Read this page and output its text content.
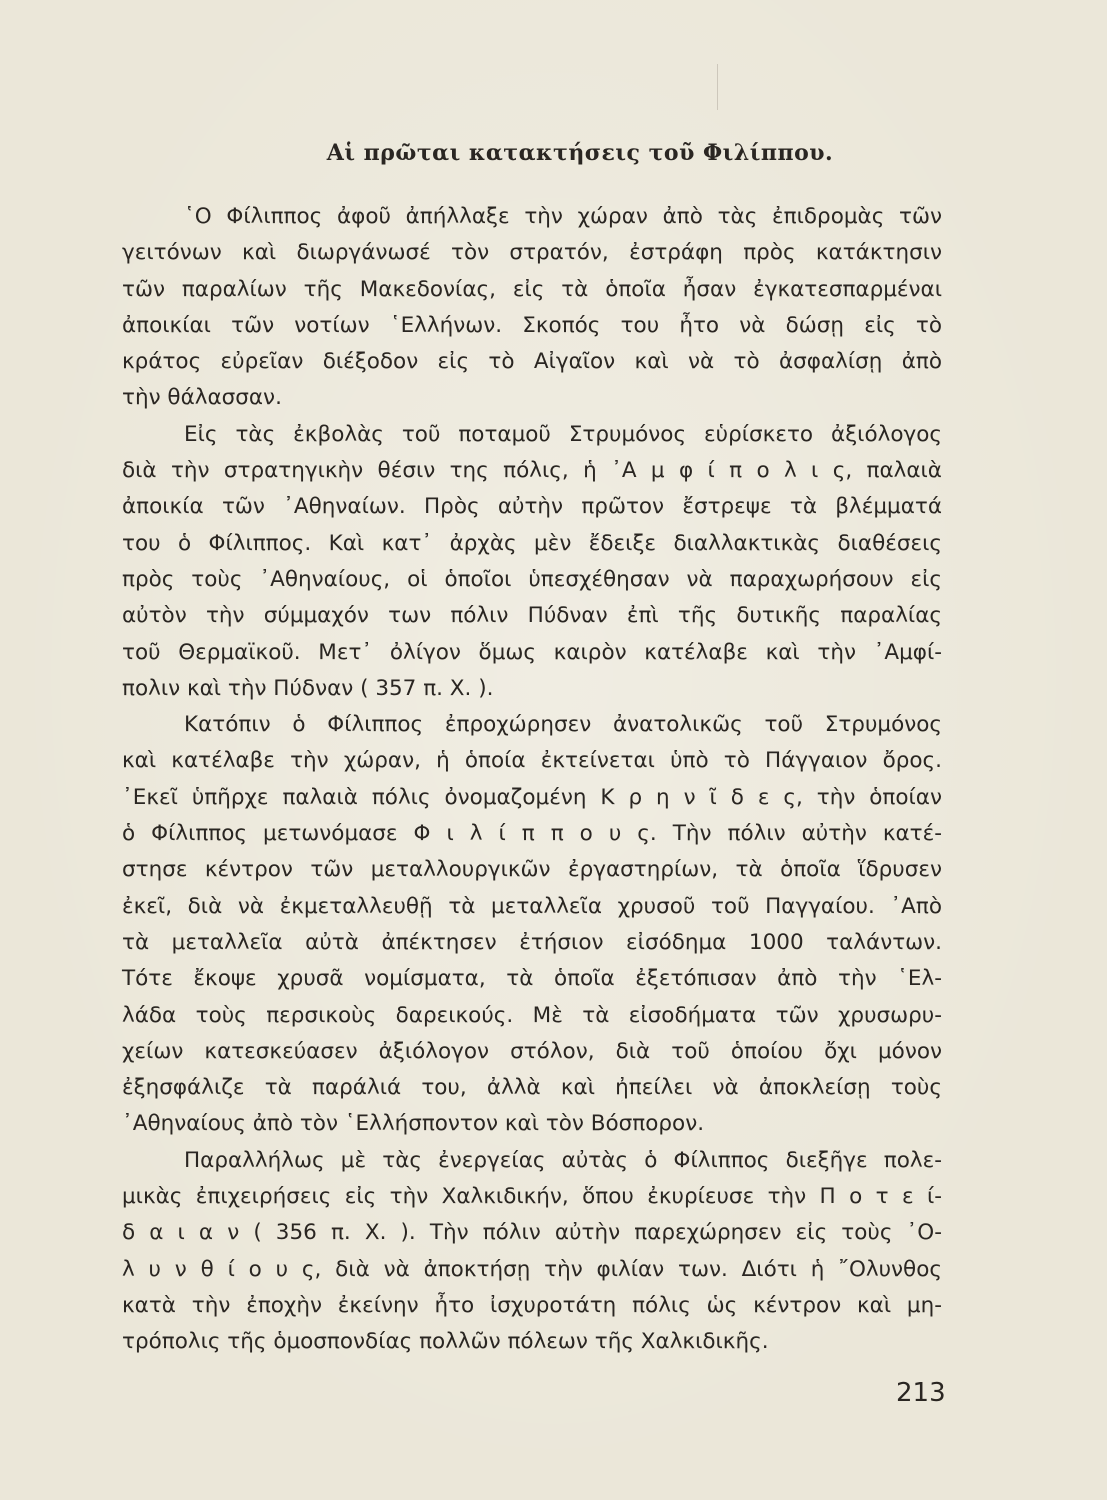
Αἱ πρῶται κατακτήσεις τοῦ Φιλίππου.
῾Ο Φίλιππος ἀφοῦ ἀπήλλαξε τὴν χώραν ἀπὸ τὰς ἐπιδρομὰς τῶν
γειτόνων καὶ διωργάνωσέ τὸν στρατόν, ἐστράφη πρὸς κατάκτησιν
τῶν παραλίων τῆς Μακεδονίας, εἰς τὰ ὁποῖα ἦσαν ἐγκατεσπαρμέναι
ἀποικίαι τῶν νοτίων ῾Ελλήνων. Σκοπός του ἦτο νὰ δώσῃ εἰς τὸ
κράτος εὐρεῖαν διέξοδον εἰς τὸ Αἰγαῖον καὶ νὰ τὸ ἀσφαλίσῃ ἀπὸ
τὴν θάλασσαν.
Εἰς τὰς ἐκβολὰς τοῦ ποταμοῦ Στρυμόνος εὑρίσκετο ἀξιόλογος
διὰ τὴν στρατηγικὴν θέσιν της πόλις, ἡ ᾿Α μ φ ί π ο λ ι ς, παλαιὰ
ἀποικία τῶν ᾿Αθηναίων. Πρὸς αὐτὴν πρῶτον ἔστρεψε τὰ βλέμματά
του ὁ Φίλιππος. Καὶ κατ᾿ ἀρχὰς μὲν ἔδειξε διαλλακτικὰς διαθέσεις
πρὸς τοὺς ᾿Αθηναίους, οἱ ὁποῖοι ὑπεσχέθησαν νὰ παραχωρήσουν εἰς
αὐτὸν τὴν σύμμαχόν των πόλιν Πύδναν ἐπὶ τῆς δυτικῆς παραλίας
τοῦ Θερμαϊκοῦ. Μετ᾿ ὀλίγον ὅμως καιρὸν κατέλαβε καὶ τὴν ᾿Αμφί-
πολιν καὶ τὴν Πύδναν ( 357 π. Χ. ).
Κατόπιν ὁ Φίλιππος ἐπροχώρησεν ἀνατολικῶς τοῦ Στρυμόνος
καὶ κατέλαβε τὴν χώραν, ἡ ὁποία ἐκτείνεται ὑπὸ τὸ Πάγγαιον ὄρος.
᾿Εκεῖ ὑπῆρχε παλαιὰ πόλις ὀνομαζομένη Κ ρ η ν ῖ δ ε ς, τὴν ὁποίαν
ὁ Φίλιππος μετωνόμασε Φ ι λ ί π π ο υ ς. Τὴν πόλιν αὐτὴν κατέ-
στησε κέντρον τῶν μεταλλουργικῶν ἐργαστηρίων, τὰ ὁποῖα ἵδρυσεν
ἐκεῖ, διὰ νὰ ἐκμεταλλευθῇ τὰ μεταλλεῖα χρυσοῦ τοῦ Παγγαίου. ᾿Απὸ
τὰ μεταλλεῖα αὐτὰ ἀπέκτησεν ἐτήσιον εἰσόδημα 1000 ταλάντων.
Τότε ἔκοψε χρυσᾶ νομίσματα, τὰ ὁποῖα ἐξετόπισαν ἀπὸ τὴν ῾Ελ-
λάδα τοὺς περσικοὺς δαρεικούς. Μὲ τὰ εἰσοδήματα τῶν χρυσωρυ-
χείων κατεσκεύασεν ἀξιόλογον στόλον, διὰ τοῦ ὁποίου ὄχι μόνον
ἐξησφάλιζε τὰ παράλιά του, ἀλλὰ καὶ ἠπείλει νὰ ἀποκλείσῃ τοὺς
᾿Αθηναίους ἀπὸ τὸν ῾Ελλήσποντον καὶ τὸν Βόσπορον.
Παραλλήλως μὲ τὰς ἐνεργείας αὐτὰς ὁ Φίλιππος διεξῆγε πολε-
μικὰς ἐπιχειρήσεις εἰς τὴν Χαλκιδικήν, ὅπου ἐκυρίευσε τὴν Π ο τ ε ί-
δ α ι α ν ( 356 π. Χ. ). Τὴν πόλιν αὐτὴν παρεχώρησεν εἰς τοὺς ᾿Ο-
λ υ ν θ ί ο υ ς, διὰ νὰ ἀποκτήσῃ τὴν φιλίαν των. Διότι ἡ ῎Ολυνθος
κατὰ τὴν ἐποχὴν ἐκείνην ἦτο ἰσχυροτάτη πόλις ὡς κέντρον καὶ μη-
τρόπολις τῆς ὁμοσπονδίας πολλῶν πόλεων τῆς Χαλκιδικῆς.
213
